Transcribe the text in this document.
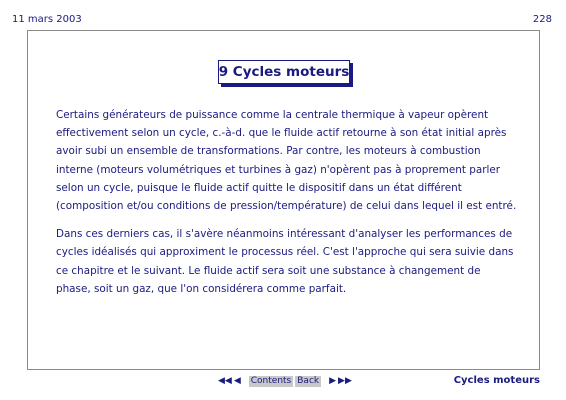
11 mars 2003	228
9 Cycles moteurs

Certains générateurs de puissance comme la centrale thermique à vapeur opèrent effectivement selon un cycle, c.-à-d. que le fluide actif retourne à son état initial après avoir subi un ensemble de transformations. Par contre, les moteurs à combustion interne (moteurs volumétriques et turbines à gaz) n'opèrent pas à proprement parler selon un cycle, puisque le fluide actif quitte le dispositif dans un état différent (composition et/ou conditions de pression/température) de celui dans lequel il est entré.

Dans ces derniers cas, il s'avère néanmoins intéressant d'analyser les performances de cycles idéalisés qui approximent le processus réel. C'est l'approche qui sera suivie dans ce chapitre et le suivant. Le fluide actif sera soit une substance à changement de phase, soit un gaz, que l'on considérera comme parfait.

◀◀ ◀ Contents Back ▶ ▶▶	Cycles moteurs
